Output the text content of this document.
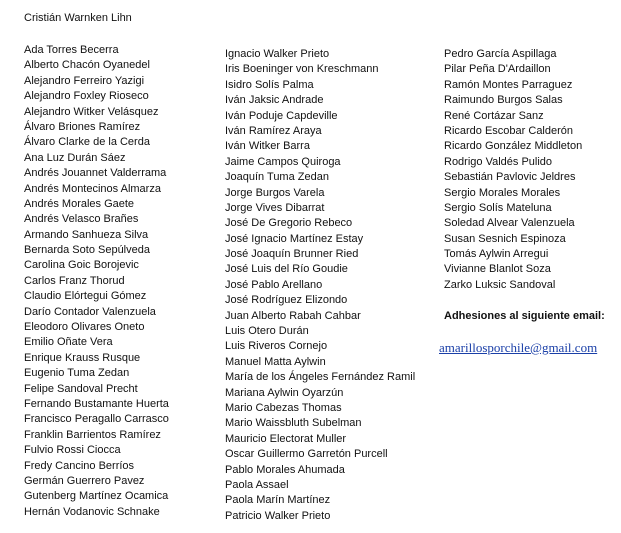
Cristián Warnken Lihn
Ada Torres Becerra
Alberto Chacón Oyanedel
Alejandro Ferreiro Yazigi
Alejandro Foxley Rioseco
Alejandro Witker Velásquez
Álvaro Briones Ramírez
Álvaro Clarke de la Cerda
Ana Luz Durán Sáez
Andrés Jouannet Valderrama
Andrés Montecinos Almarza
Andrés Morales Gaete
Andrés Velasco Brañes
Armando Sanhueza Silva
Bernarda Soto Sepúlveda
Carolina Goic Borojevic
Carlos Franz Thorud
Claudio Elórtegui Gómez
Darío Contador Valenzuela
Eleodoro Olivares Oneto
Emilio Oñate Vera
Enrique Krauss Rusque
Eugenio Tuma Zedan
Felipe Sandoval Precht
Fernando Bustamante Huerta
Francisco Peragallo Carrasco
Franklin Barrientos Ramírez
Fulvio Rossi Ciocca
Fredy Cancino Berríos
Germán Guerrero Pavez
Gutenberg Martínez Ocamica
Hernán Vodanovic Schnake
Ignacio Walker Prieto
Iris Boeninger von Kreschmann
Isidro Solís Palma
Iván Jaksic Andrade
Iván Poduje Capdeville
Iván Ramírez Araya
Iván Witker Barra
Jaime Campos Quiroga
Joaquín Tuma Zedan
Jorge Burgos Varela
Jorge Vives Dibarrat
José De Gregorio Rebeco
José Ignacio Martínez Estay
José Joaquín Brunner Ried
José Luis del Río Goudie
José Pablo Arellano
José Rodríguez Elizondo
Juan Alberto Rabah Cahbar
Luis Otero Durán
Luis Riveros Cornejo
Manuel Matta Aylwin
María de los Ángeles Fernández Ramil
Mariana Aylwin Oyarzún
Mario Cabezas Thomas
Mario Waissbluth Subelman
Mauricio Electorat Muller
Oscar Guillermo Garretón Purcell
Pablo Morales Ahumada
Paola Assael
Paola Marín Martínez
Patricio Walker Prieto
Pedro García Aspillaga
Pilar Peña D'Ardaillon
Ramón Montes Parraguez
Raimundo Burgos Salas
René Cortázar Sanz
Ricardo Escobar Calderón
Ricardo González Middleton
Rodrigo Valdés Pulido
Sebastián Pavlovic Jeldres
Sergio Morales Morales
Sergio Solís Mateluna
Soledad Alvear Valenzuela
Susan Sesnich Espinoza
Tomás Aylwin Arregui
Vivianne Blanlot Soza
Zarko Luksic Sandoval
Adhesiones al siguiente email:
amarillosporchile@gmail.com
